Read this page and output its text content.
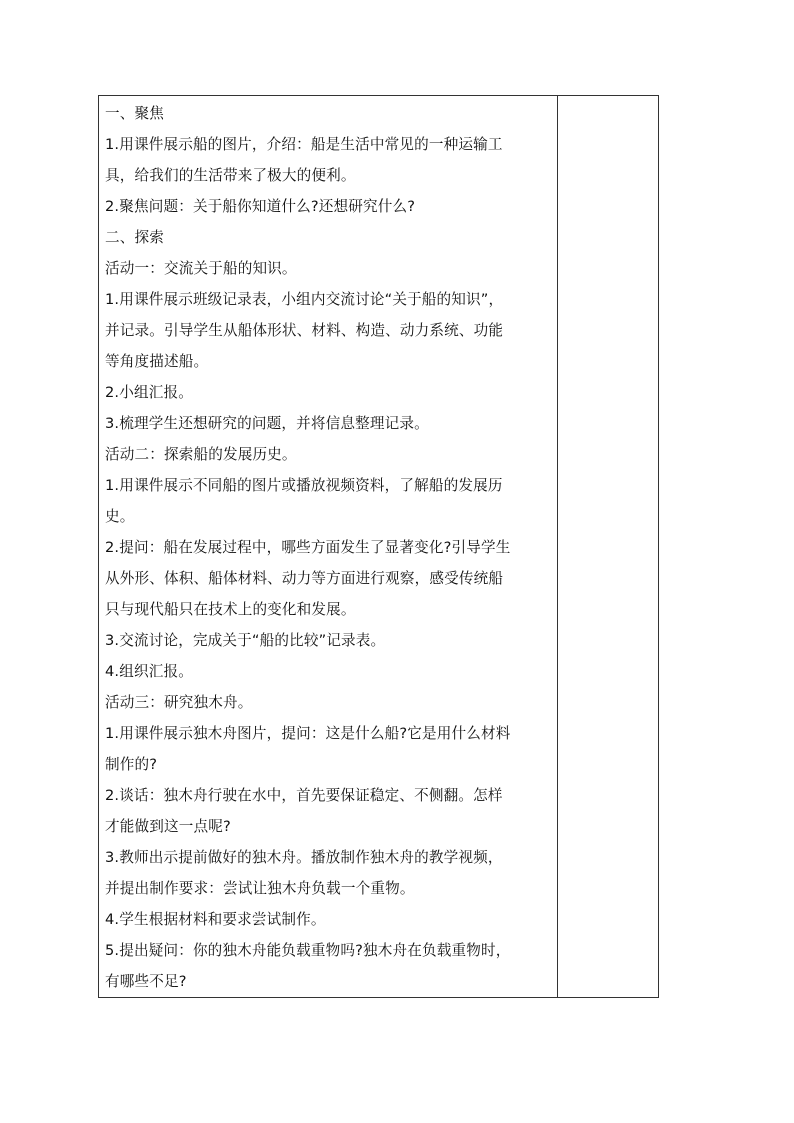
一、聚焦
1.用课件展示船的图片，介绍：船是生活中常见的一种运输工
具，给我们的生活带来了极大的便利。
2.聚焦问题：关于船你知道什么?还想研究什么?
二、探索
活动一：交流关于船的知识。
1.用课件展示班级记录表，小组内交流讨论“关于船的知识”，
并记录。引导学生从船体形状、材料、构造、动力系统、功能
等角度描述船。
2.小组汇报。
3.梳理学生还想研究的问题，并将信息整理记录。
活动二：探索船的发展历史。
1.用课件展示不同船的图片或播放视频资料，了解船的发展历
史。
2.提问：船在发展过程中，哪些方面发生了显著变化?引导学生
从外形、体积、船体材料、动力等方面进行观察，感受传统船
只与现代船只在技术上的变化和发展。
3.交流讨论，完成关于“船的比较”记录表。
4.组织汇报。
活动三：研究独木舟。
1.用课件展示独木舟图片，提问：这是什么船?它是用什么材料
制作的?
2.谈话：独木舟行驶在水中，首先要保证稳定、不侧翻。怎样
才能做到这一点呢?
3.教师出示提前做好的独木舟。播放制作独木舟的教学视频，
并提出制作要求：尝试让独木舟负载一个重物。
4.学生根据材料和要求尝试制作。
5.提出疑问：你的独木舟能负载重物吗?独木舟在负载重物时，
有哪些不足?
